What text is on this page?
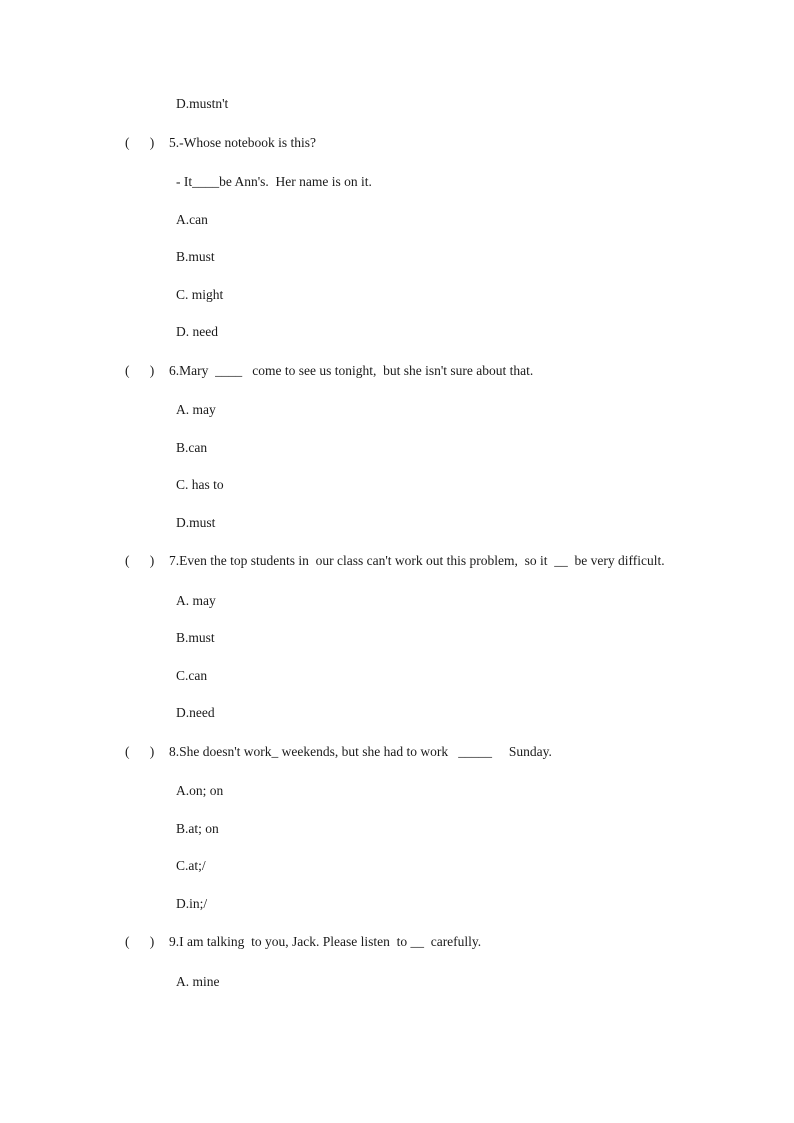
D.mustn't
(      ) 5.-Whose notebook is this?
- It____be Ann's.  Her name is on it.
A.can
B.must
C. might
D. need
(      ) 6.Mary  ____   come to see us tonight,  but she isn't sure about that.
A. may
B.can
C. has to
D.must
(      ) 7.Even the top students in  our class can't work out this problem,  so it  __  be very difficult.
A. may
B.must
C.can
D.need
(      ) 8.She doesn't work_ weekends, but she had to work   _____     Sunday.
A.on; on
B.at; on
C.at;/
D.in;/
(      ) 9.I am talking  to you, Jack. Please listen  to __  carefully.
A. mine
